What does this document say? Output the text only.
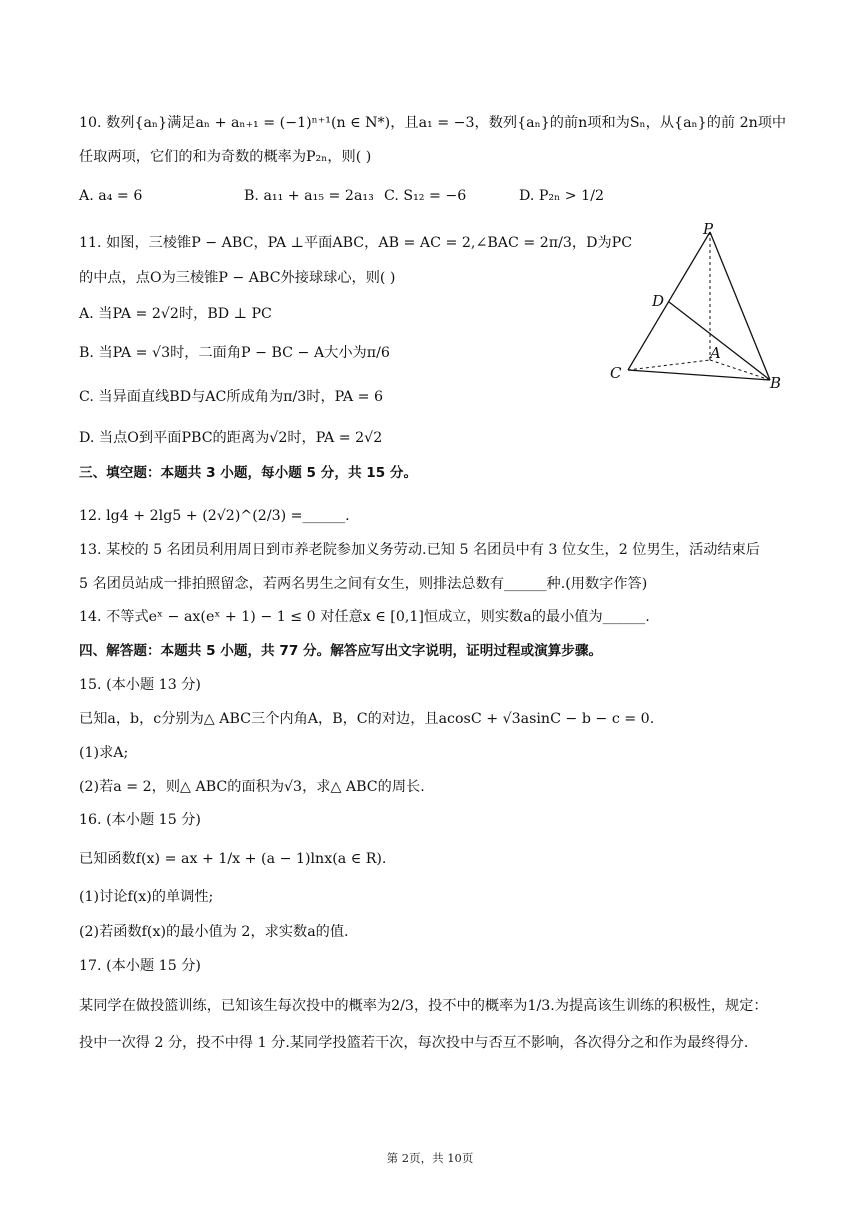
10. 数列{aₙ}满足aₙ + aₙ₊₁ = (−1)ⁿ⁺¹(n ∈ N*)，且a₁ = −3，数列{aₙ}的前n项和为Sₙ，从{aₙ}的前 2n项中
任取两项，它们的和为奇数的概率为P₂ₙ，则( )
A. a₄ = 6	B. a₁₁ + a₁₅ = 2a₁₃ C. S₁₂ = −6	D. P₂ₙ > 1/2
11. 如图，三棱锥P − ABC，PA ⊥平面ABC，AB = AC = 2,∠BAC = 2π/3，D为PC
的中点，点O为三棱锥P − ABC外接球球心，则( )
A. 当PA = 2√2时，BD ⊥ PC
B. 当PA = √3时，二面角P − BC − A大小为π/6
C. 当异面直线BD与AC所成角为π/3时，PA = 6
D. 当点O到平面PBC的距离为√2时，PA = 2√2
P
D
A
C
B
三、填空题：本题共 3 小题，每小题 5 分，共 15 分。
12. lg4 + 2lg5 + (2√2)^(2/3) =______.
13. 某校的 5 名团员利用周日到市养老院参加义务劳动.已知 5 名团员中有 3 位女生，2 位男生，活动结束后
5 名团员站成一排拍照留念，若两名男生之间有女生，则排法总数有______种.(用数字作答)
14. 不等式eˣ − ax(eˣ + 1) − 1 ≤ 0 对任意x ∈ [0,1]恒成立，则实数a的最小值为______.
四、解答题：本题共 5 小题，共 77 分。解答应写出文字说明，证明过程或演算步骤。
15. (本小题 13 分)
已知a，b，c分别为△ ABC三个内角A，B，C的对边，且acosC + √3asinC − b − c = 0.
(1)求A;
(2)若a = 2，则△ ABC的面积为√3，求△ ABC的周长.
16. (本小题 15 分)
已知函数f(x) = ax + 1/x + (a − 1)lnx(a ∈ R).
(1)讨论f(x)的单调性;
(2)若函数f(x)的最小值为 2，求实数a的值.
17. (本小题 15 分)
某同学在做投篮训练，已知该生每次投中的概率为2/3，投不中的概率为1/3.为提高该生训练的积极性，规定：
投中一次得 2 分，投不中得 1 分.某同学投篮若干次，每次投中与否互不影响，各次得分之和作为最终得分.
第 2页，共 10页
